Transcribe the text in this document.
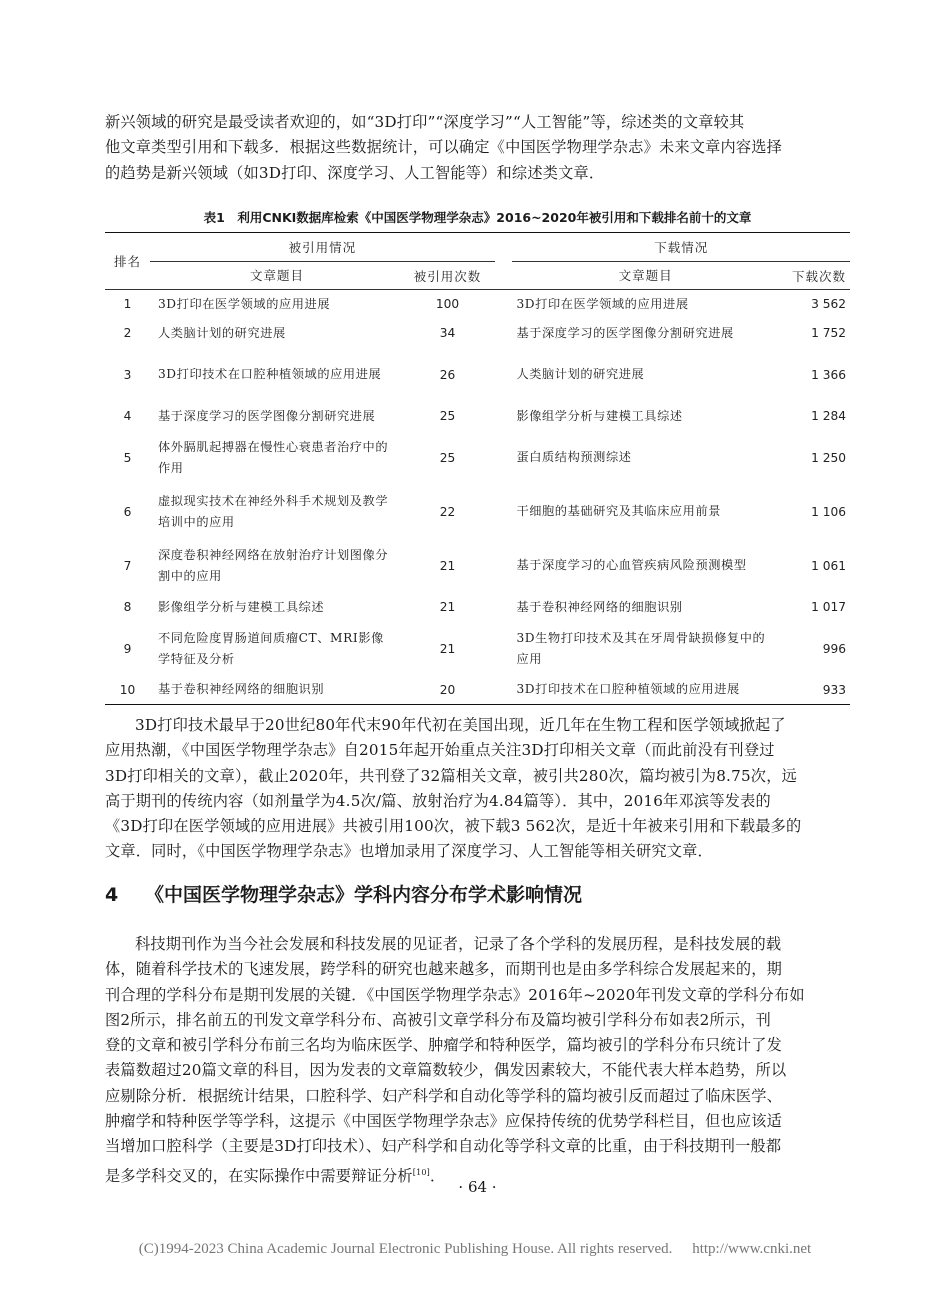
新兴领域的研究是最受读者欢迎的，如“3D打印”“深度学习”“人工智能”等，综述类的文章较其
他文章类型引用和下载多．根据这些数据统计，可以确定《中国医学物理学杂志》未来文章内容选择
的趋势是新兴领域（如3D打印、深度学习、人工智能等）和综述类文章．
表1　利用CNKI数据库检索《中国医学物理学杂志》2016~2020年被引用和下载排名前十的文章
排名	被引用情况			下载情况	
	文章题目	被引用次数		文章题目	下载次数
1	3D打印在医学领域的应用进展	100		3D打印在医学领域的应用进展	3 562
2	人类脑计划的研究进展	34		基于深度学习的医学图像分割研究进展	1 752
3	3D打印技术在口腔种植领域的应用进展	26		人类脑计划的研究进展	1 366
4	基于深度学习的医学图像分割研究进展	25		影像组学分析与建模工具综述	1 284
5	体外膈肌起搏器在慢性心衰患者治疗中的作用	25		蛋白质结构预测综述	1 250
6	虚拟现实技术在神经外科手术规划及教学培训中的应用	22		干细胞的基础研究及其临床应用前景	1 106
7	深度卷积神经网络在放射治疗计划图像分割中的应用	21		基于深度学习的心血管疾病风险预测模型	1 061
8	影像组学分析与建模工具综述	21		基于卷积神经网络的细胞识别	1 017
9	不同危险度胃肠道间质瘤CT、MRI影像学特征及分析	21		3D生物打印技术及其在牙周骨缺损修复中的应用	996
10	基于卷积神经网络的细胞识别	20		3D打印技术在口腔种植领域的应用进展	933
3D打印技术最早于20世纪80年代末90年代初在美国出现，近几年在生物工程和医学领域掀起了
应用热潮，《中国医学物理学杂志》自2015年起开始重点关注3D打印相关文章（而此前没有刊登过
3D打印相关的文章），截止2020年，共刊登了32篇相关文章，被引共280次，篇均被引为8.75次，远
高于期刊的传统内容（如剂量学为4.5次/篇、放射治疗为4.84篇等）．其中，2016年邓滨等发表的
《3D打印在医学领域的应用进展》共被引用100次，被下载3 562次，是近十年被来引用和下载最多的
文章．同时，《中国医学物理学杂志》也增加录用了深度学习、人工智能等相关研究文章．
4 《中国医学物理学杂志》学科内容分布学术影响情况
科技期刊作为当今社会发展和科技发展的见证者，记录了各个学科的发展历程，是科技发展的载
体，随着科学技术的飞速发展，跨学科的研究也越来越多，而期刊也是由多学科综合发展起来的，期
刊合理的学科分布是期刊发展的关键．《中国医学物理学杂志》2016年~2020年刊发文章的学科分布如
图2所示，排名前五的刊发文章学科分布、高被引文章学科分布及篇均被引学科分布如表2所示，刊
登的文章和被引学科分布前三名均为临床医学、肿瘤学和特种医学，篇均被引的学科分布只统计了发
表篇数超过20篇文章的科目，因为发表的文章篇数较少，偶发因素较大，不能代表大样本趋势，所以
应剔除分析．根据统计结果，口腔科学、妇产科学和自动化等学科的篇均被引反而超过了临床医学、
肿瘤学和特种医学等学科，这提示《中国医学物理学杂志》应保持传统的优势学科栏目，但也应该适
当增加口腔科学（主要是3D打印技术）、妇产科学和自动化等学科文章的比重，由于科技期刊一般都
是多学科交叉的，在实际操作中需要辩证分析[10]．
· 64 ·
(C)1994-2023 China Academic Journal Electronic Publishing House. All rights reserved. http://www.cnki.net
